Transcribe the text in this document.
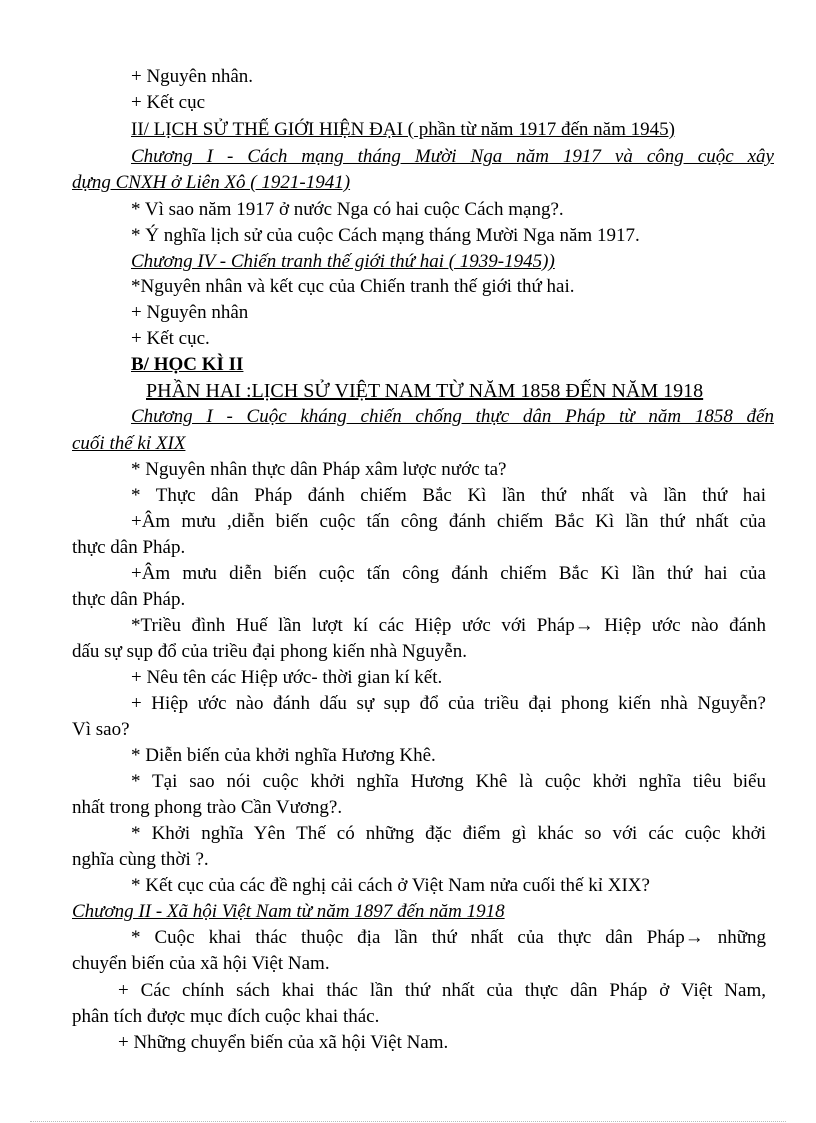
+ Nguyên nhân.
+ Kết cục
II/ LỊCH SỬ THẾ GIỚI HIỆN ĐẠI ( phần từ năm 1917 đến năm 1945)
Chương I - Cách mạng tháng Mười Nga năm 1917 và công cuộc xây
dựng CNXH ở Liên Xô ( 1921-1941)
* Vì sao năm 1917 ở nước Nga có hai cuộc Cách mạng?.
* Ý nghĩa lịch sử của cuộc Cách mạng tháng Mười Nga năm 1917.
Chương IV - Chiến tranh thế giới thứ hai ( 1939-1945))
*Nguyên nhân và kết cục của Chiến tranh thế giới thứ hai.
+ Nguyên nhân
+ Kết cục.
B/ HỌC KÌ II
PHẦN HAI :LỊCH SỬ VIỆT NAM TỪ NĂM 1858 ĐẾN NĂM 1918
Chương I - Cuộc kháng chiến chống thực dân Pháp từ năm 1858 đến
cuối thế kỉ XIX
* Nguyên nhân thực dân Pháp xâm lược nước ta?
* Thực dân Pháp đánh chiếm Bắc Kì lần thứ nhất và lần thứ hai
+Âm mưu ,diễn biến cuộc tấn công đánh chiếm Bắc Kì lần thứ nhất của
thực dân Pháp.
+Âm mưu diễn biến cuộc tấn công đánh chiếm Bắc Kì lần thứ hai của
thực dân Pháp.
*Triều đình Huế lần lượt kí các Hiệp ước với Pháp→ Hiệp ước nào đánh
dấu sự sụp đổ của triều đại phong kiến nhà Nguyễn.
+ Nêu tên các Hiệp ước- thời gian kí kết.
+ Hiệp ước nào đánh dấu sự sụp đổ của triều đại phong kiến nhà Nguyễn?
Vì sao?
* Diễn biến của khởi nghĩa Hương Khê.
* Tại sao nói cuộc khởi nghĩa Hương Khê là cuộc khởi nghĩa tiêu biểu
nhất trong phong trào Cần Vương?.
* Khởi nghĩa Yên Thế có những đặc điểm gì khác so với các cuộc khởi
nghĩa cùng thời ?.
* Kết cục của các đề nghị cải cách ở Việt Nam nửa cuối thế kỉ XIX?
Chương II - Xã hội Việt Nam từ năm 1897 đến năm 1918
* Cuộc khai thác thuộc địa lần thứ nhất của thực dân Pháp→ những
chuyển biến của xã hội Việt Nam.
+ Các chính sách khai thác lần thứ nhất của thực dân Pháp ở Việt Nam,
phân tích được mục đích cuộc khai thác.
+ Những chuyển biến của xã hội Việt Nam.
